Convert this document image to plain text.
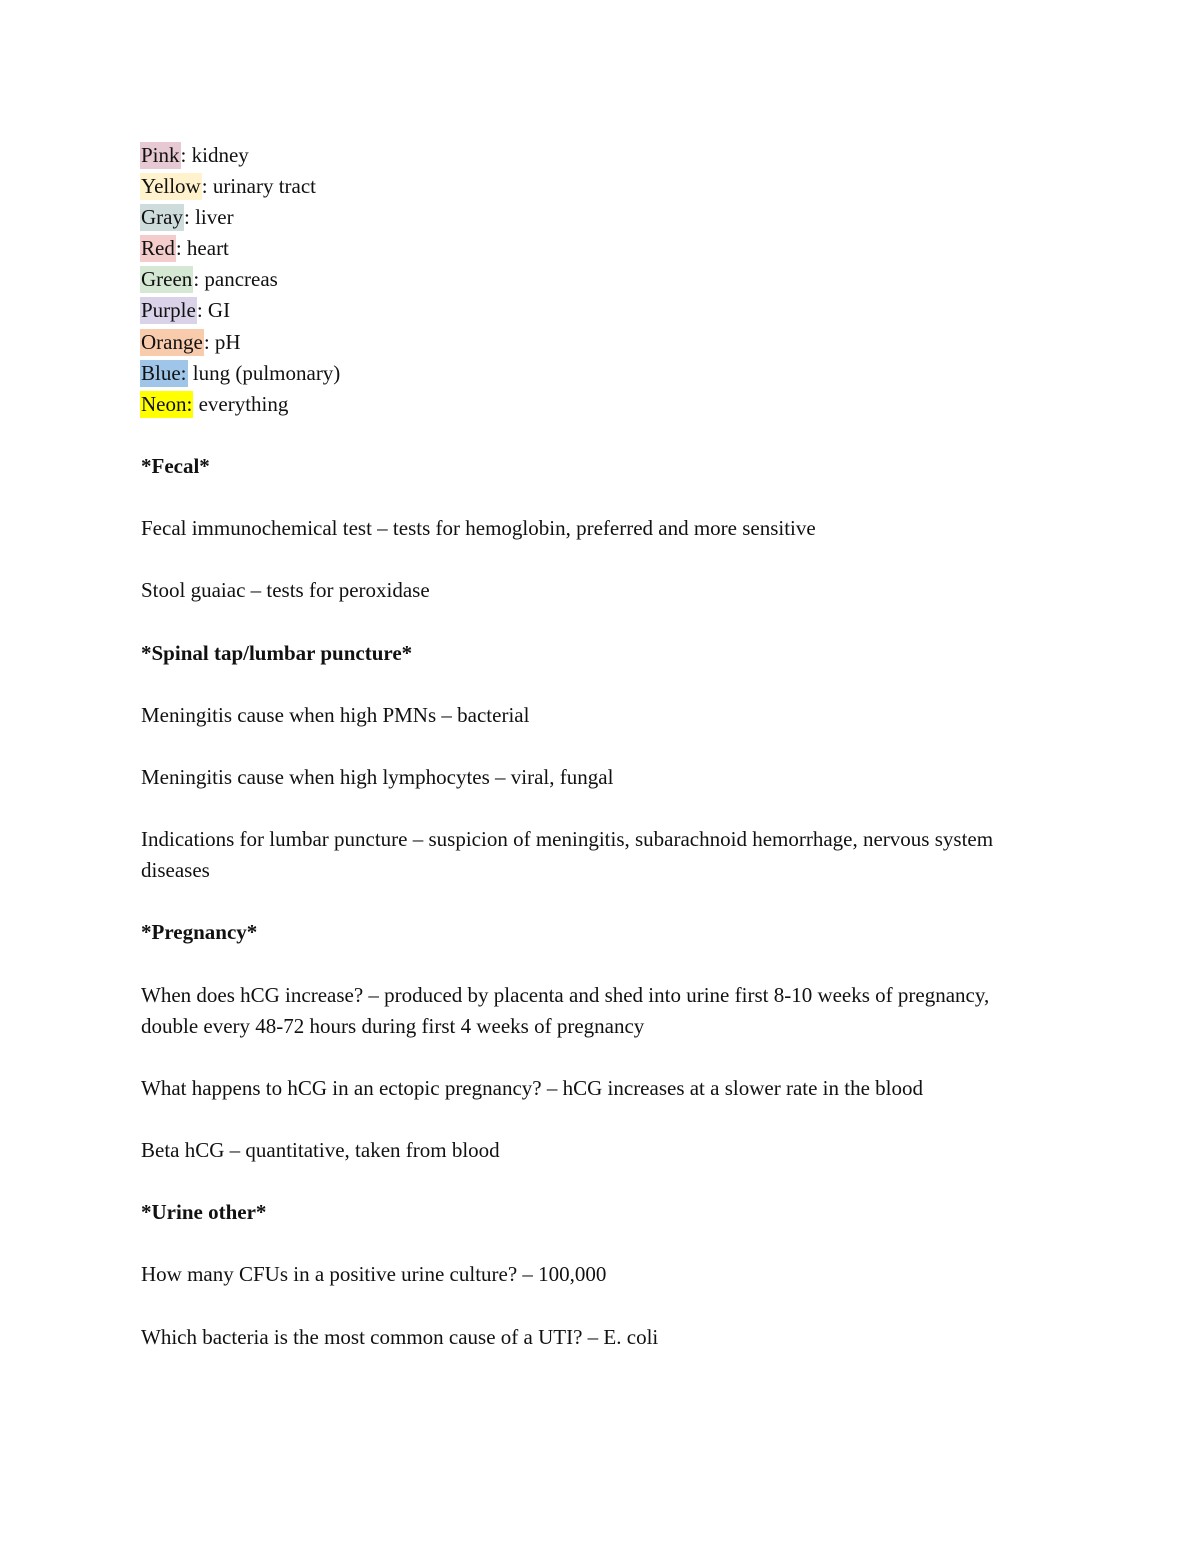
Pink: kidney
Yellow: urinary tract
Gray: liver
Red: heart
Green: pancreas
Purple: GI
Orange: pH
Blue: lung (pulmonary)
Neon: everything
*Fecal*
Fecal immunochemical test – tests for hemoglobin, preferred and more sensitive
Stool guaiac – tests for peroxidase
*Spinal tap/lumbar puncture*
Meningitis cause when high PMNs – bacterial
Meningitis cause when high lymphocytes – viral, fungal
Indications for lumbar puncture – suspicion of meningitis, subarachnoid hemorrhage, nervous system diseases
*Pregnancy*
When does hCG increase? – produced by placenta and shed into urine first 8-10 weeks of pregnancy, double every 48-72 hours during first 4 weeks of pregnancy
What happens to hCG in an ectopic pregnancy? – hCG increases at a slower rate in the blood
Beta hCG – quantitative, taken from blood
*Urine other*
How many CFUs in a positive urine culture? – 100,000
Which bacteria is the most common cause of a UTI? – E. coli
